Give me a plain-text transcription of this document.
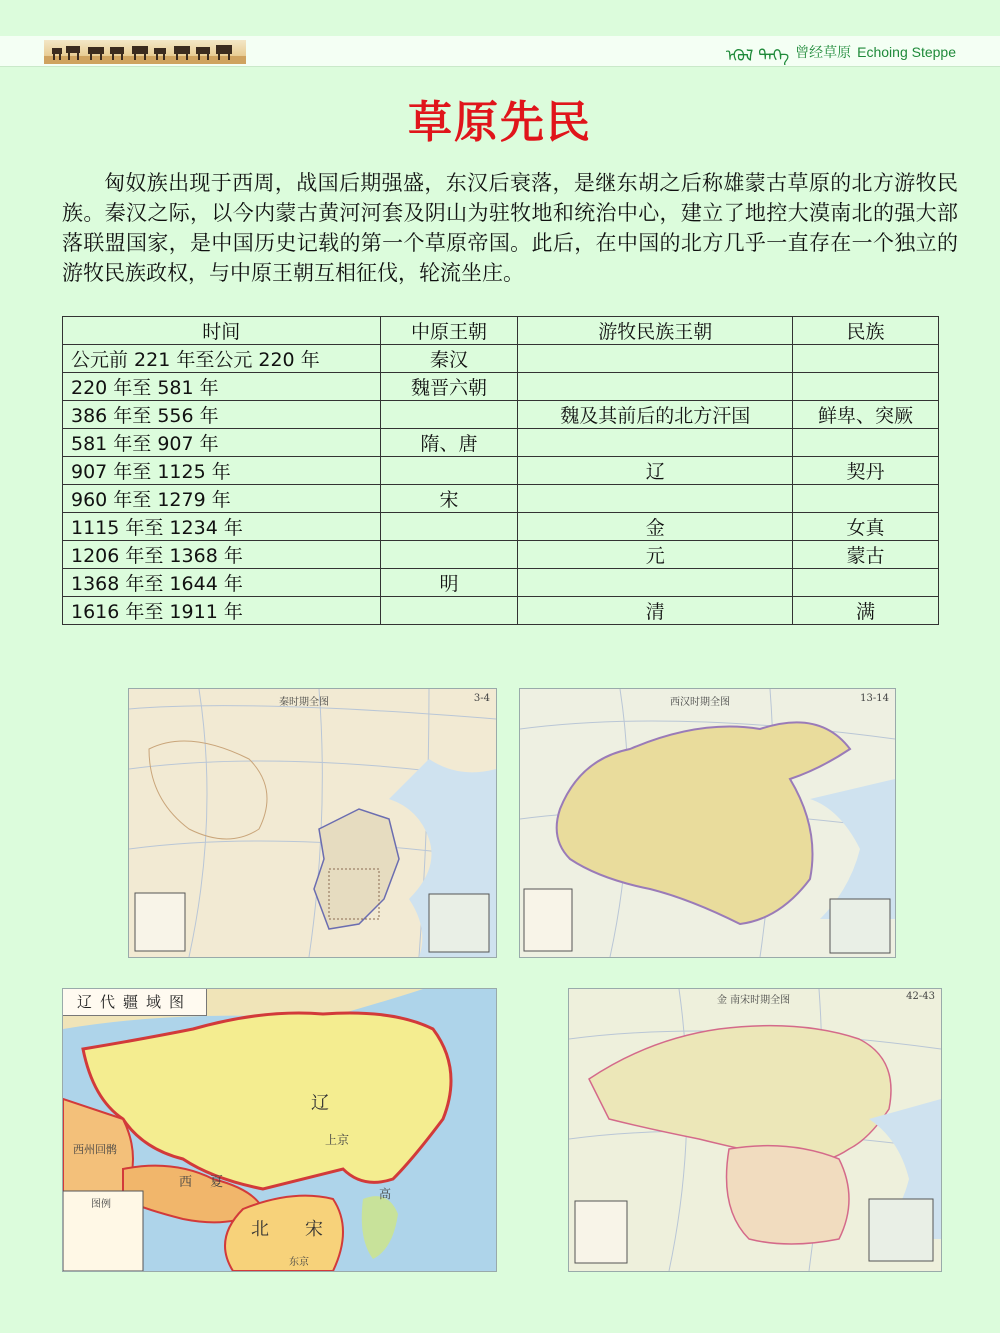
ᠡᠭᠦᠯ ᠲᠡᠭᠡ 曾经草原 Echoing Steppe
草原先民

匈奴族出现于西周，战国后期强盛，东汉后衰落，是继东胡之后称雄蒙古草原的北方游牧民族。秦汉之际，以今内蒙古黄河河套及阴山为驻牧地和统治中心，建立了地控大漠南北的强大部落联盟国家，是中国历史记载的第一个草原帝国。此后，在中国的北方几乎一直存在一个独立的游牧民族政权，与中原王朝互相征伐，轮流坐庄。

时间	中原王朝	游牧民族王朝	民族
公元前 221 年至公元 220 年	秦汉		
220 年至 581 年	魏晋六朝		
386 年至 556 年		魏及其前后的北方汗国	鲜卑、突厥
581 年至 907 年	隋、唐		
907 年至 1125 年		辽	契丹
960 年至 1279 年	宋		
1115 年至 1234 年		金	女真
1206 年至 1368 年		元	蒙古
1368 年至 1644 年	明		
1616 年至 1911 年		清	满
秦时期全图	3-4	西汉时期全图	13-14
辽代疆域图
上京
辽
西夏
西州回鹘
北宋
图例
高
东京
金 南宋时期全图	42-43
